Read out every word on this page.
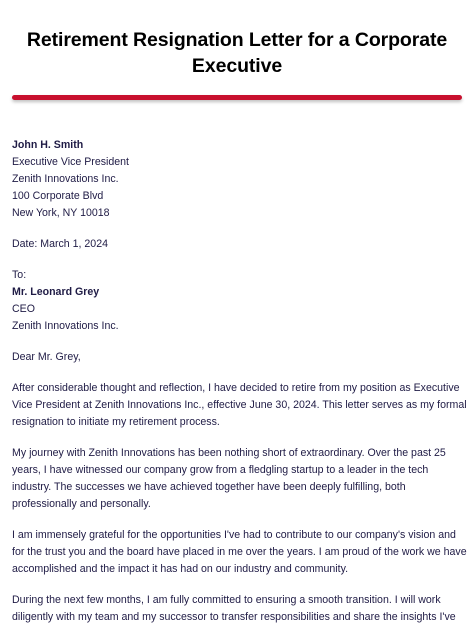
Retirement Resignation Letter for a Corporate
Executive
John H. Smith
Executive Vice President
Zenith Innovations Inc.
100 Corporate Blvd
New York, NY 10018
Date: March 1, 2024
To:
Mr. Leonard Grey
CEO
Zenith Innovations Inc.
Dear Mr. Grey,
After considerable thought and reflection, I have decided to retire from my position as Executive
Vice President at Zenith Innovations Inc., effective June 30, 2024. This letter serves as my formal
resignation to initiate my retirement process.
My journey with Zenith Innovations has been nothing short of extraordinary. Over the past 25
years, I have witnessed our company grow from a fledgling startup to a leader in the tech
industry. The successes we have achieved together have been deeply fulfilling, both
professionally and personally.
I am immensely grateful for the opportunities I've had to contribute to our company's vision and
for the trust you and the board have placed in me over the years. I am proud of the work we have
accomplished and the impact it has had on our industry and community.
During the next few months, I am fully committed to ensuring a smooth transition. I will work
diligently with my team and my successor to transfer responsibilities and share the insights I've
